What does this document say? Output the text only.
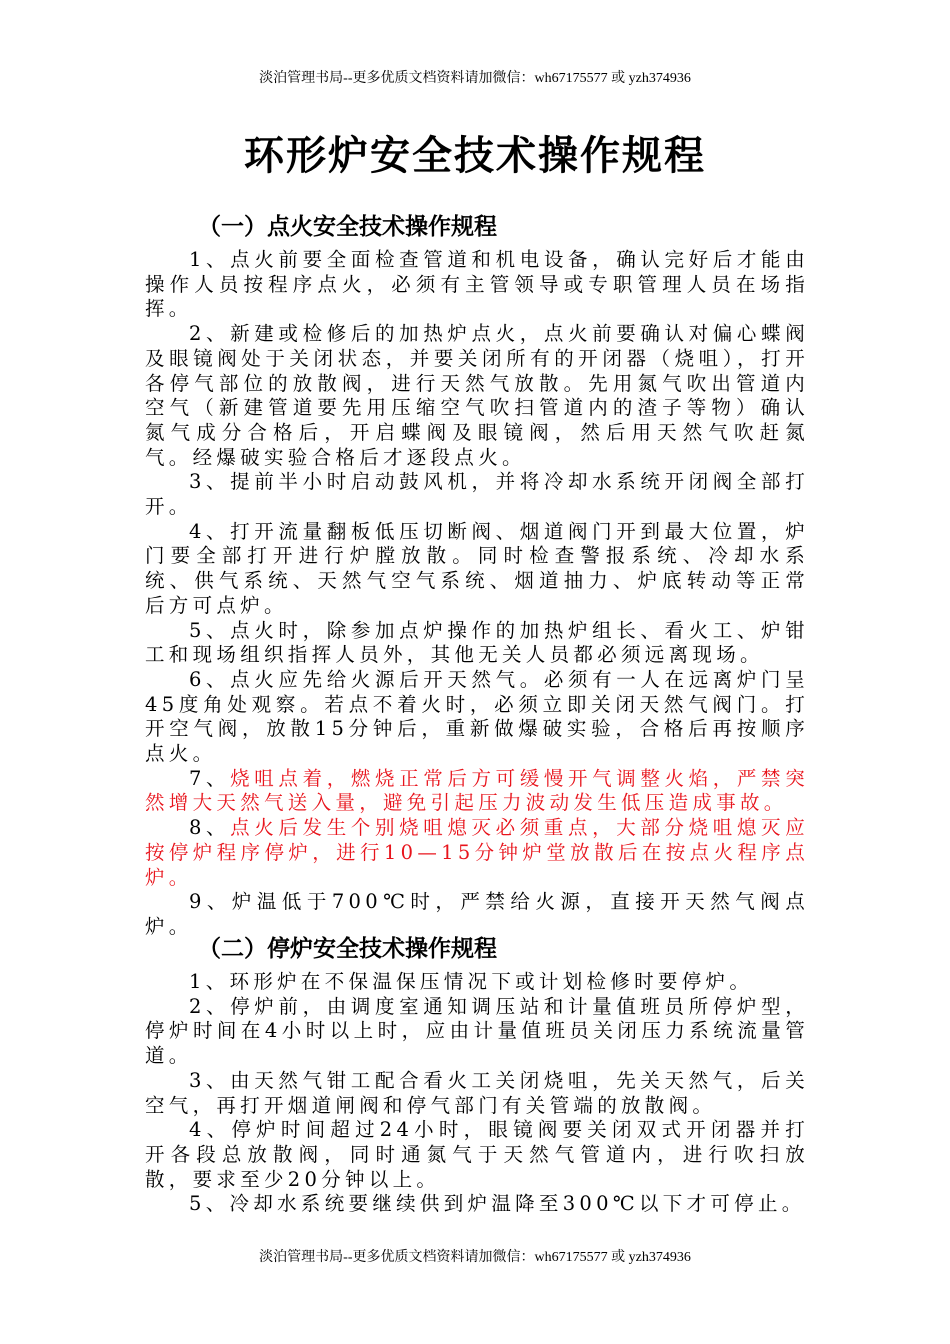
淡泊管理书局--更多优质文档资料请加微信：wh67175577 或 yzh374936
环形炉安全技术操作规程
（一）点火安全技术操作规程

1、点火前要全面检查管道和机电设备，确认完好后才能由操作人员按程序点火，必须有主管领导或专职管理人员在场指挥。

2、新建或检修后的加热炉点火，点火前要确认对偏心蝶阀及眼镜阀处于关闭状态，并要关闭所有的开闭器（烧咀），打开各停气部位的放散阀，进行天然气放散。先用氮气吹出管道内空气（新建管道要先用压缩空气吹扫管道内的渣子等物）确认氮气成分合格后，开启蝶阀及眼镜阀，然后用天然气吹赶氮气。经爆破实验合格后才逐段点火。

3、提前半小时启动鼓风机，并将冷却水系统开闭阀全部打开。

4、打开流量翻板低压切断阀、烟道阀门开到最大位置，炉门要全部打开进行炉膛放散。同时检查警报系统、冷却水系统、供气系统、天然气空气系统、烟道抽力、炉底转动等正常后方可点炉。

5、点火时，除参加点炉操作的加热炉组长、看火工、炉钳工和现场组织指挥人员外，其他无关人员都必须远离现场。

6、点火应先给火源后开天然气。必须有一人在远离炉门呈45度角处观察。若点不着火时，必须立即关闭天然气阀门。打开空气阀，放散15分钟后，重新做爆破实验，合格后再按顺序点火。

7、烧咀点着，燃烧正常后方可缓慢开气调整火焰，严禁突然增大天然气送入量，避免引起压力波动发生低压造成事故。

8、点火后发生个别烧咀熄灭必须重点，大部分烧咀熄灭应按停炉程序停炉，进行10—15分钟炉堂放散后在按点火程序点炉。

9、炉温低于700℃时，严禁给火源，直接开天然气阀点炉。

（二）停炉安全技术操作规程

1、环形炉在不保温保压情况下或计划检修时要停炉。

2、停炉前，由调度室通知调压站和计量值班员所停炉型，停炉时间在4小时以上时，应由计量值班员关闭压力系统流量管道。

3、由天然气钳工配合看火工关闭烧咀，先关天然气，后关空气，再打开烟道闸阀和停气部门有关管端的放散阀。

4、停炉时间超过24小时，眼镜阀要关闭双式开闭器并打开各段总放散阀，同时通氮气于天然气管道内，进行吹扫放散，要求至少20分钟以上。

5、冷却水系统要继续供到炉温降至300℃以下才可停止。

淡泊管理书局--更多优质文档资料请加微信：wh67175577 或 yzh374936
